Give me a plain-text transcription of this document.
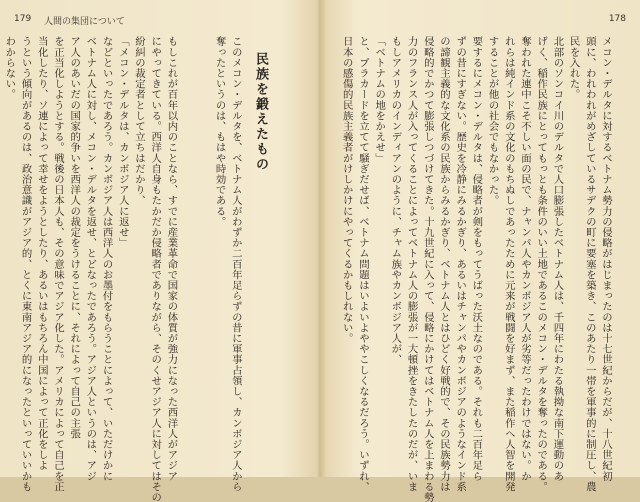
179 人間の集団について
民族を鍛えたもの
このメコン・デルタを、ベトナム人がわずか二百年足らずの昔に軍事占領し、カンボジア人から
奪ったというのは、もはや時効である。
もしこれが百年以内のことなら、すでに産業革命で国家の体質が強力になった西洋人がアジア
にやってきている。西洋人自身もたかだか侵略者でありながら、そのくせアジア人に対してはその
紛糾の裁定者として立ちはだかり、
「メコン・デルタは、カンボジア人に返せ」
などといったであろう。カンボジア人は西洋人のお墨付をもらうことによって、いただけかに
ベトナム人に対し、メコン・デルタを返せ、とどなったであろう。アジア人というのは、アジ
ア人のあいだの国家的争いを西洋人の裁定をうけることに、それによって自己の主張
を正当化しようとする。戦後の日本人も、その意味でアジア化した。アメリカによって自己を正
当化したり、ソ連によって幸せをようとしたり、あるいはもちろん中国によって正化をしよ
うという傾向があるのは、政治意識がアジア的、とくに東南アジア的になったといっていいかも
わからない。
178
メコン・デルタに対するベトナム勢力の侵略がはじまったのは十七世紀からだが、十八世紀初
頭に、われわれがめざしているサデクの町に要塞を築き、このあたり一帯を軍事的に制圧し、農
民を入れた。
北部のソンコイ川のデルタで人口膨張したベトナム人は、千四年にわたる執拗な南下運動のあ
げく、稲作民族にとってもっとも条件のいい土地であるこのメコン・デルタを奪ったのである。
奪われた連中こそ不しい面の民で、ナャンパ人やカンボジア人が劣等だったわけではない。か
れらは純インド系の文化のもちぬしであったために元来が戦闘を好まず、また稲作へ人智を開発
することが他の社会でもなかった。
要するにメコン・デルタは、侵略者が剣をもってうばった沃土なのである。それも二百年足ら
ずの昔にすぎない。歴史を冷静にみるかぎり、あるいはチャンパやカンボジアのようなインド系
の諦観主義的な文化系の民族からみるかぎり、ベトナム人とはひどく好戦的で、その民族勢力は
侵略的でかつて膨張しつづけてきた。十九世紀に入って、侵略にかけてはベトナム人を上まわる勢
力のフランス人が入ってくることによってベトナム人の膨張が一大頓挫をきたしたのだが、いま
もしアメリカのインディアンのように、チャム族やカンボジア人が、
「ベトナムの地をかえせ」
と、プラカードを立てて騒ぎだせば、ベトナム問題はいよいよややこしくなるだろう。いずれ、
日本の感傷的民族主義者がけしかけにやってくるかもしれない。
